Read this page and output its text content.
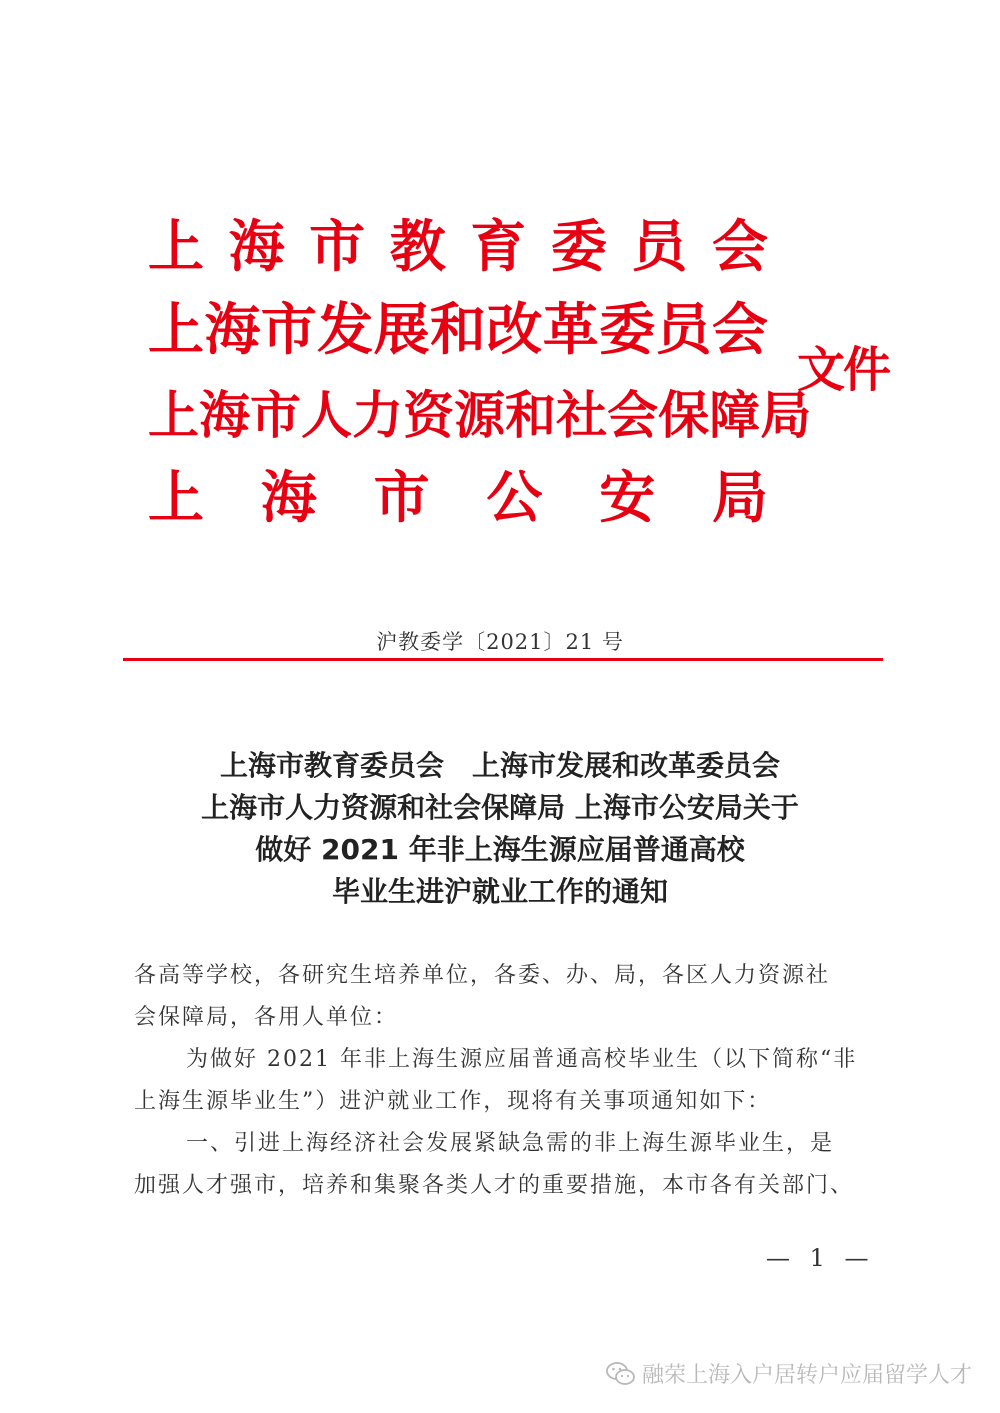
上 海 市 教 育 委 员 会
上 海 市 发 展 和 改 革 委 员 会
上 海 市 人 力 资 源 和 社 会 保 障 局
上 海 市 公 安 局
文件
沪教委学〔2021〕21 号
上海市教育委员会　上海市发展和改革委员会
上海市人力资源和社会保障局 上海市公安局关于
做好 2021 年非上海生源应届普通高校
毕业生进沪就业工作的通知
各高等学校，各研究生培养单位，各委、办、局，各区人力资源社
会保障局，各用人单位：
为做好 2021 年非上海生源应届普通高校毕业生（以下简称“非
上海生源毕业生”）进沪就业工作，现将有关事项通知如下：
一、引进上海经济社会发展紧缺急需的非上海生源毕业生，是
加强人才强市，培养和集聚各类人才的重要措施，本市各有关部门、
— 1 —
融荣上海入户居转户应届留学人才
